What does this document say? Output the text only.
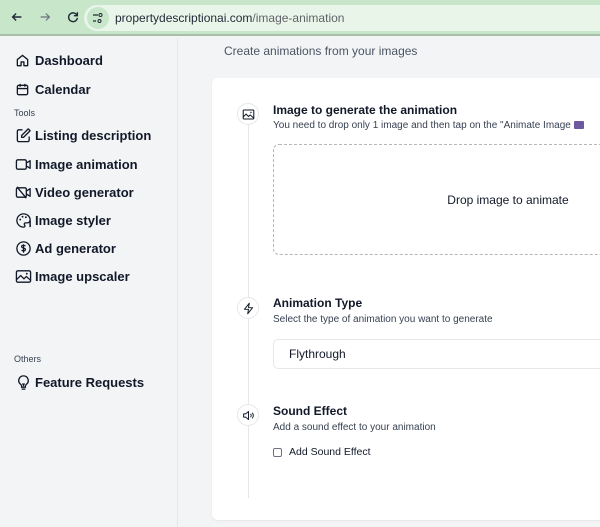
propertydescriptionai.com/image-animation
Dashboard
Calendar
Tools
Listing description
Image animation
Video generator
Image styler
Ad generator
Image upscaler
Others
Feature Requests
Create animations from your images
Image to generate the animation
You need to drop only 1 image and then tap on the "Animate Image
Drop image to animate
Animation Type
Select the type of animation you want to generate
Flythrough
Sound Effect
Add a sound effect to your animation
Add Sound Effect
